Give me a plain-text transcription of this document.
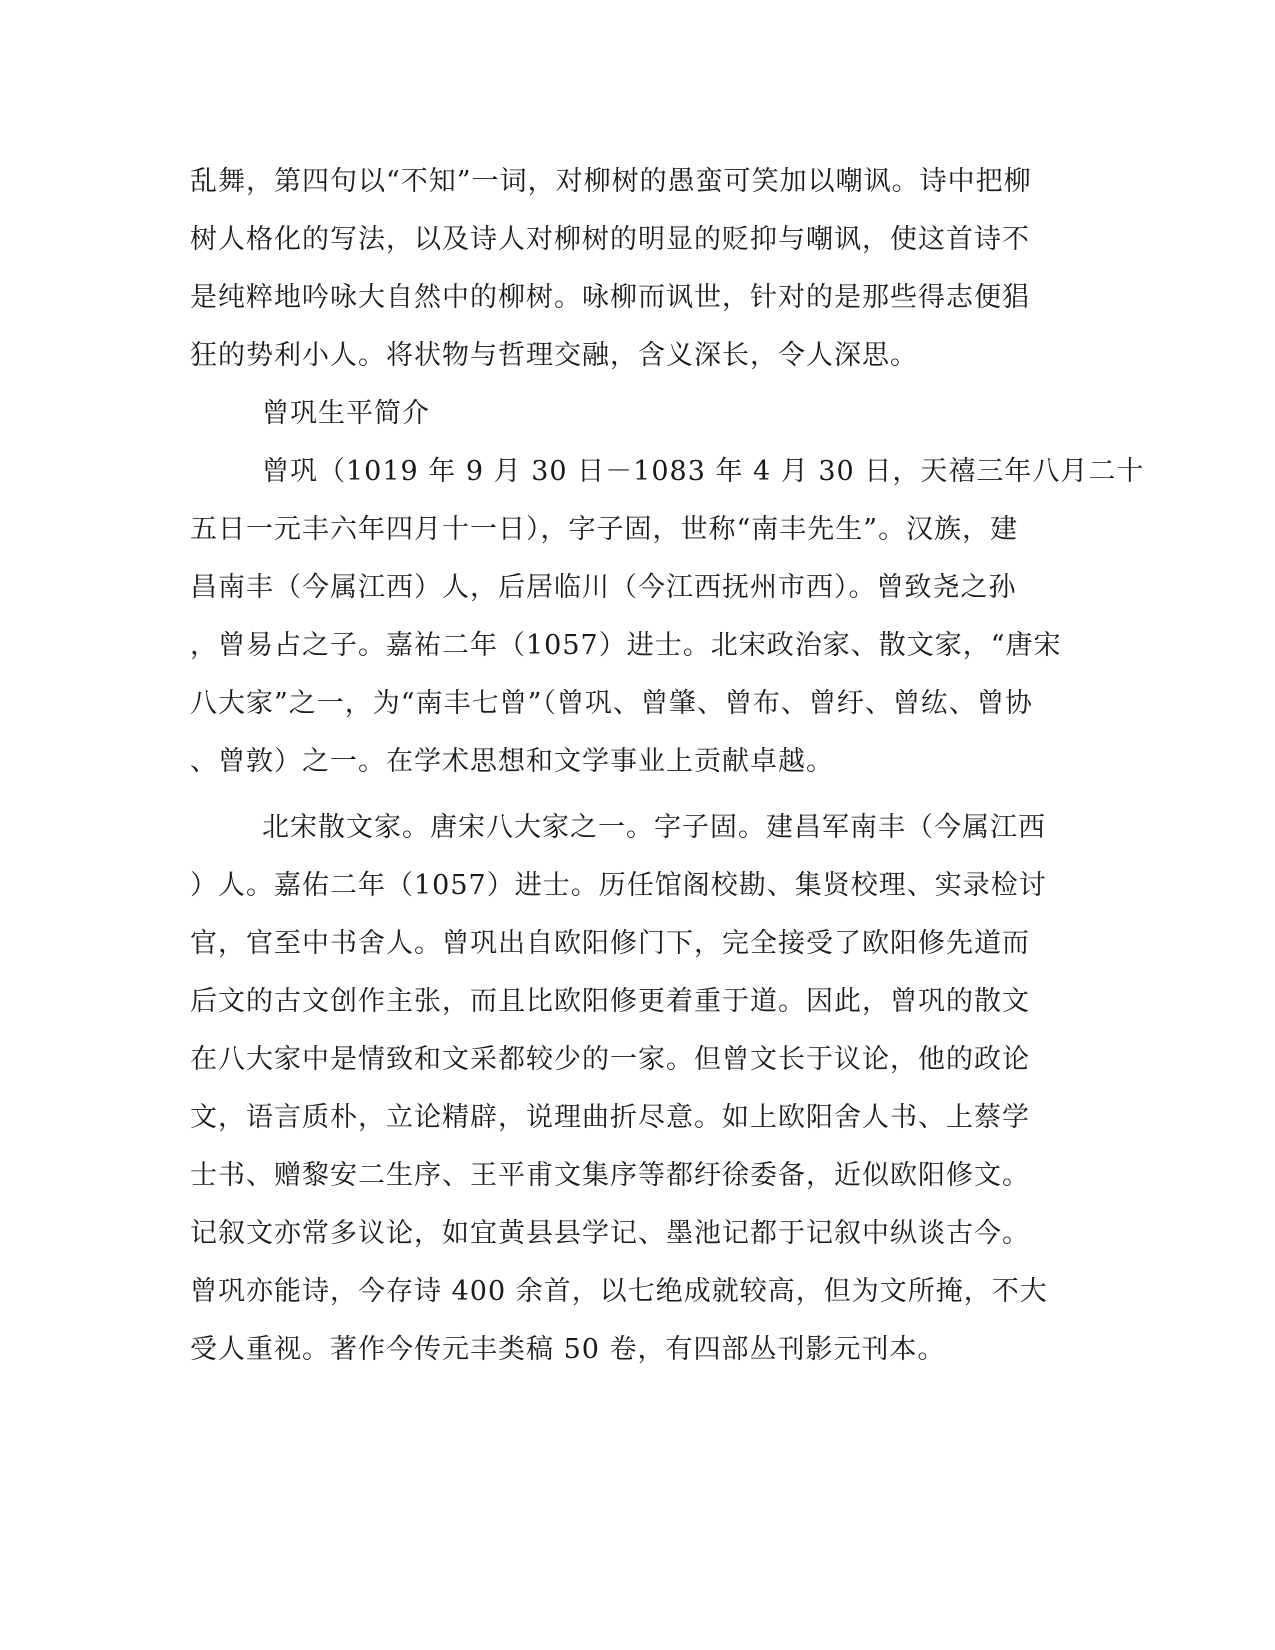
乱舞，第四句以“不知”一词，对柳树的愚蛮可笑加以嘲讽。诗中把柳
树人格化的写法，以及诗人对柳树的明显的贬抑与嘲讽，使这首诗不
是纯粹地吟咏大自然中的柳树。咏柳而讽世，针对的是那些得志便猖
狂的势利小人。将状物与哲理交融，含义深长，令人深思。
曾巩生平简介
曾巩（1019 年 9 月 30 日－1083 年 4 月 30 日，天禧三年八月二十
五日一元丰六年四月十一日），字子固，世称“南丰先生”。汉族，建
昌南丰（今属江西）人，后居临川（今江西抚州市西）。曾致尧之孙
，曾易占之子。嘉祐二年（1057）进士。北宋政治家、散文家，“唐宋
八大家”之一，为“南丰七曾”（曾巩、曾肇、曾布、曾纡、曾纮、曾协
、曾敦）之一。在学术思想和文学事业上贡献卓越。
北宋散文家。唐宋八大家之一。字子固。建昌军南丰（今属江西
）人。嘉佑二年（1057）进士。历任馆阁校勘、集贤校理、实录检讨
官，官至中书舍人。曾巩出自欧阳修门下，完全接受了欧阳修先道而
后文的古文创作主张，而且比欧阳修更着重于道。因此，曾巩的散文
在八大家中是情致和文采都较少的一家。但曾文长于议论，他的政论
文，语言质朴，立论精辟，说理曲折尽意。如上欧阳舍人书、上蔡学
士书、赠黎安二生序、王平甫文集序等都纡徐委备，近似欧阳修文。
记叙文亦常多议论，如宜黄县县学记、墨池记都于记叙中纵谈古今。
曾巩亦能诗，今存诗 400 余首，以七绝成就较高，但为文所掩，不大
受人重视。著作今传元丰类稿 50 卷，有四部丛刊影元刊本。
